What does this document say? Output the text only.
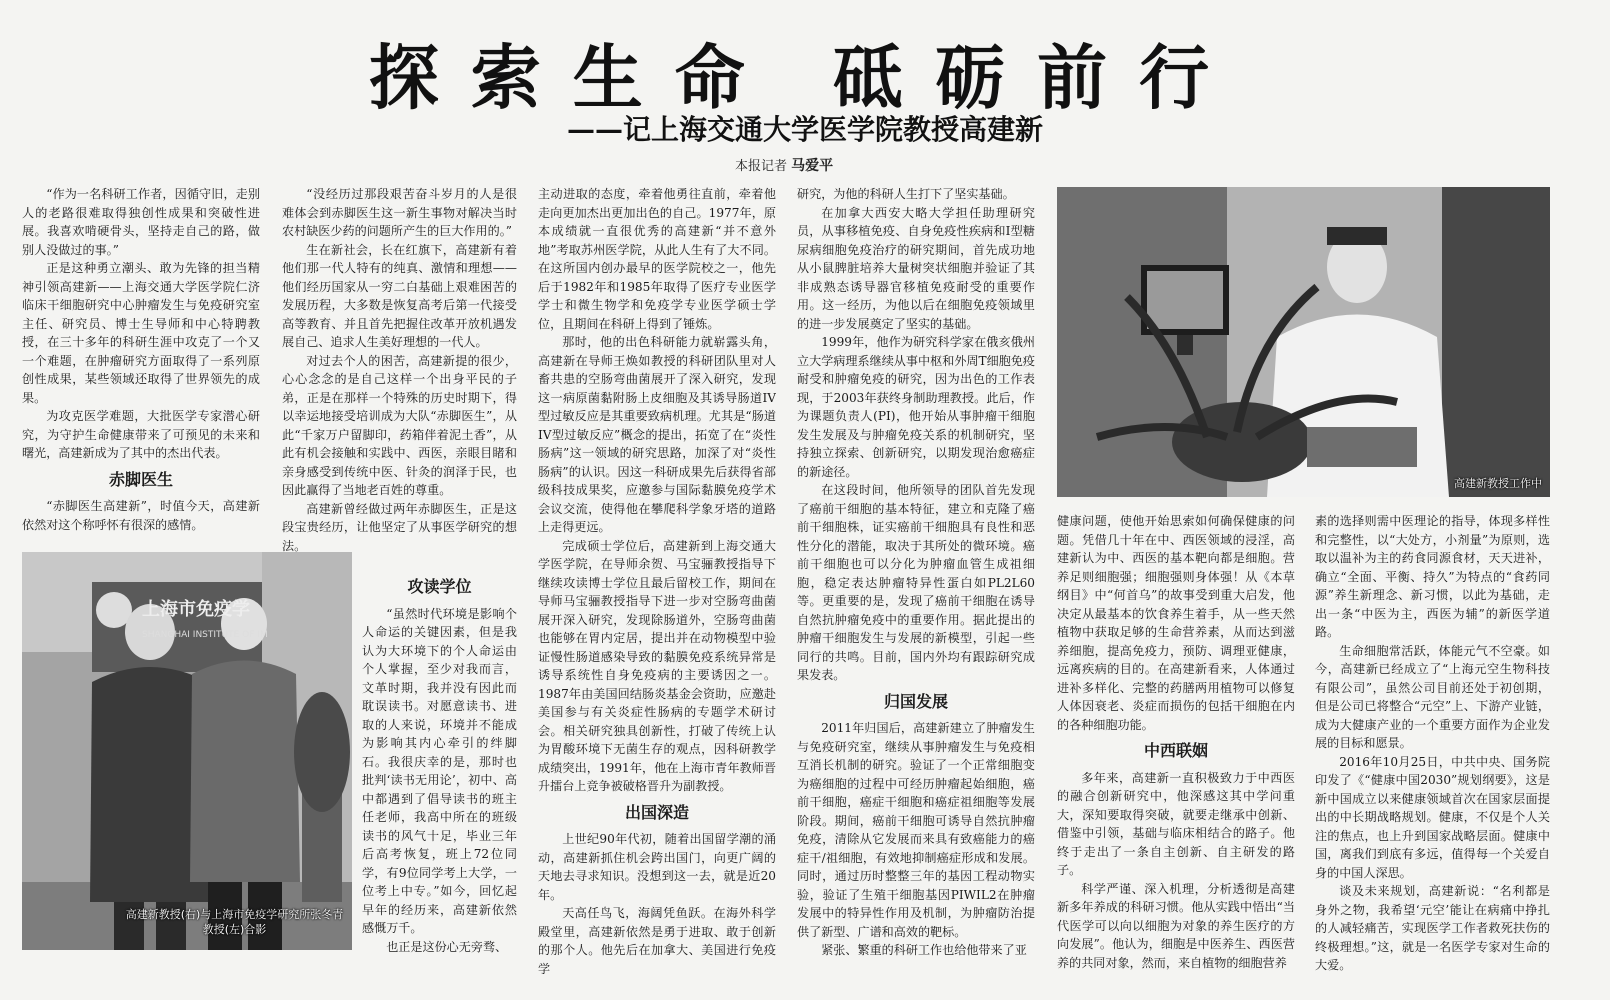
探索生命 砥砺前行
——记上海交通大学医学院教授高建新
本报记者 马爱平

“作为一名科研工作者，因循守旧，走别人的老路很难取得独创性成果和突破性进展。我喜欢啃硬骨头，坚持走自己的路，做别人没做过的事。”

正是这种勇立潮头、敢为先锋的担当精神引领高建新——上海交通大学医学院仁济临床干细胞研究中心肿瘤发生与免疫研究室主任、研究员、博士生导师和中心特聘教授，在三十多年的科研生涯中攻克了一个又一个难题，在肿瘤研究方面取得了一系列原创性成果，某些领域还取得了世界领先的成果。

为攻克医学难题，大批医学专家潜心研究，为守护生命健康带来了可预见的未来和曙光，高建新成为了其中的杰出代表。

赤脚医生

“赤脚医生高建新”，时值今天，高建新依然对这个称呼怀有很深的感情。

“没经历过那段艰苦奋斗岁月的人是很难体会到赤脚医生这一新生事物对解决当时农村缺医少药的问题所产生的巨大作用的。”

生在新社会，长在红旗下，高建新有着他们那一代人特有的纯真、激情和理想——他们经历国家从一穷二白基础上艰难困苦的发展历程，大多数是恢复高考后第一代接受高等教育、并且首先把握住改革开放机遇发展自己、追求人生美好理想的一代人。

对过去个人的困苦，高建新提的很少，心心念念的是自己这样一个出身平民的子弟，正是在那样一个特殊的历史时期下，得以幸运地接受培训成为大队“赤脚医生”，从此“千家万户留脚印，药箱伴着泥土香”，从此有机会接触和实践中、西医，亲眼目睹和亲身感受到传统中医、针灸的润泽于民，也因此赢得了当地老百姓的尊重。

高建新曾经做过两年赤脚医生，正是这段宝贵经历，让他坚定了从事医学研究的想法。

攻读学位

“虽然时代环境是影响个人命运的关键因素，但是我认为大环境下的个人命运由个人掌握，至少对我而言，文革时期，我并没有因此而耽误读书。对愿意读书、进取的人来说，环境并不能成为影响其内心牵引的绊脚石。我很庆幸的是，那时也批判‘读书无用论’，初中、高中都遇到了倡导读书的班主任老师，我高中所在的班级读书的风气十足，毕业三年后高考恢复，班上72位同学，有9位同学考上大学，一位考上中专。”如今，回忆起早年的经历来，高建新依然感慨万千。

也正是这份心无旁骛、

主动进取的态度，牵着他勇往直前，牵着他走向更加杰出更加出色的自己。1977年，原本成绩就一直很优秀的高建新“并不意外地”考取苏州医学院，从此人生有了大不同。在这所国内创办最早的医学院校之一，他先后于1982年和1985年取得了医疗专业医学学士和微生物学和免疫学专业医学硕士学位，且期间在科研上得到了锤炼。

那时，他的出色科研能力就崭露头角，高建新在导师王焕如教授的科研团队里对人畜共患的空肠弯曲菌展开了深入研究，发现这一病原菌黏附肠上皮细胞及其诱导肠道IV型过敏反应是其重要致病机理。尤其是“肠道IV型过敏反应”概念的提出，拓宽了在“炎性肠病”这一领域的研究思路，加深了对“炎性肠病”的认识。因这一科研成果先后获得省部级科技成果奖，应邀参与国际黏膜免疫学术会议交流，使得他在攀爬科学象牙塔的道路上走得更远。

完成硕士学位后，高建新到上海交通大学医学院，在导师余贺、马宝骊教授指导下继续攻读博士学位且最后留校工作，期间在导师马宝骊教授指导下进一步对空肠弯曲菌展开深入研究，发现除肠道外，空肠弯曲菌也能够在胃内定居，提出并在动物模型中验证慢性肠道感染导致的黏膜免疫系统异常是诱导系统性自身免疫病的主要诱因之一。1987年由美国回结肠炎基金会资助，应邀赴美国参与有关炎症性肠病的专题学术研讨会。相关研究独具创新性，打破了传统上认为胃酸环境下无菌生存的观点，因科研教学成绩突出，1991年，他在上海市青年教师晋升擂台上竞争被破格晋升为副教授。

出国深造

上世纪90年代初，随着出国留学潮的涌动，高建新抓住机会跨出国门，向更广阔的天地去寻求知识。没想到这一去，就是近20年。

天高任鸟飞，海阔凭鱼跃。在海外科学殿堂里，高建新依然是勇于进取、敢于创新的那个人。他先后在加拿大、美国进行免疫学

研究，为他的科研人生打下了坚实基础。

在加拿大西安大略大学担任助理研究员，从事移植免疫、自身免疫性疾病和I型糖尿病细胞免疫治疗的研究期间，首先成功地从小鼠脾脏培养大量树突状细胞并验证了其非成熟态诱导器官移植免疫耐受的重要作用。这一经历，为他以后在细胞免疫领域里的进一步发展奠定了坚实的基础。

1999年，他作为研究科学家在俄亥俄州立大学病理系继续从事中枢和外周T细胞免疫耐受和肿瘤免疫的研究，因为出色的工作表现，于2003年获终身制助理教授。此后，作为课题负责人(PI)，他开始从事肿瘤干细胞发生发展及与肿瘤免疫关系的机制研究，坚持独立探索、创新研究，以期发现治愈癌症的新途径。

在这段时间，他所领导的团队首先发现了癌前干细胞的基本特征，建立和克隆了癌前干细胞株，证实癌前干细胞具有良性和恶性分化的潜能，取决于其所处的微环境。癌前干细胞也可以分化为肿瘤血管生成祖细胞，稳定表达肿瘤特异性蛋白如PL2L60等。更重要的是，发现了癌前干细胞在诱导自然抗肿瘤免疫中的重要作用。据此提出的肿瘤干细胞发生与发展的新模型，引起一些同行的共鸣。目前，国内外均有跟踪研究成果发表。

归国发展

2011年归国后，高建新建立了肿瘤发生与免疫研究室，继续从事肿瘤发生与免疫相互消长机制的研究。验证了一个正常细胞变为癌细胞的过程中可经历肿瘤起始细胞，癌前干细胞，癌症干细胞和癌症祖细胞等发展阶段。期间，癌前干细胞可诱导自然抗肿瘤免疫，清除从它发展而来具有致癌能力的癌症干/祖细胞，有效地抑制癌症形成和发展。同时，通过历时整整三年的基因工程动物实验，验证了生殖干细胞基因PIWIL2在肿瘤发展中的特异性作用及机制，为肿瘤防治提供了新型、广谱和高效的靶标。

紧张、繁重的科研工作也给他带来了亚

健康问题，使他开始思索如何确保健康的问题。凭借几十年在中、西医领域的浸淫，高建新认为中、西医的基本靶向都是细胞。营养足则细胞强；细胞强则身体强！从《本草纲目》中“何首乌”的故事受到重大启发，他决定从最基本的饮食养生着手，从一些天然植物中获取足够的生命营养素，从而达到滋养细胞，提高免疫力，预防、调理亚健康，远离疾病的目的。在高建新看来，人体通过进补多样化、完整的药膳两用植物可以修复人体因衰老、炎症而损伤的包括干细胞在内的各种细胞功能。

中西联姻

多年来，高建新一直积极致力于中西医的融合创新研究中，他深感这其中学问重大，深知要取得突破，就要走继承中创新、借鉴中引领，基础与临床相结合的路子。他终于走出了一条自主创新、自主研发的路子。

科学严谨、深入机理，分析透彻是高建新多年养成的科研习惯。他从实践中悟出“当代医学可以向以细胞为对象的养生医疗的方向发展”。他认为，细胞是中医养生、西医营养的共同对象，然而，来自植物的细胞营养

素的选择则需中医理论的指导，体现多样性和完整性，以“大处方，小剂量”为原则，选取以温补为主的药食同源食材，天天进补，确立“全面、平衡、持久”为特点的“食药同源”养生新理念、新习惯，以此为基础，走出一条“中医为主，西医为辅”的新医学道路。

生命细胞常活跃，体能元气不空豪。如今，高建新已经成立了“上海元空生物科技有限公司”，虽然公司目前还处于初创期，但是公司已将整合“元空”上、下游产业链，成为大健康产业的一个重要方面作为企业发展的目标和愿景。

2016年10月25日，中共中央、国务院印发了《“健康中国2030”规划纲要》，这是新中国成立以来健康领域首次在国家层面提出的中长期战略规划。健康，不仅是个人关注的焦点，也上升到国家战略层面。健康中国，离我们到底有多远，值得每一个关爱自身的中国人深思。

谈及未来规划，高建新说：“名利都是身外之物，我希望‘元空’能让在病痛中挣扎的人减轻痛苦，实现医学工作者救死扶伤的终极理想。”这，就是一名医学专家对生命的大爱。

上海市免疫学
SHANGHAI INSTITUTE OF IM
高建新教授(右)与上海市免疫学研究所张冬青教授(左)合影
高建新教授工作中
